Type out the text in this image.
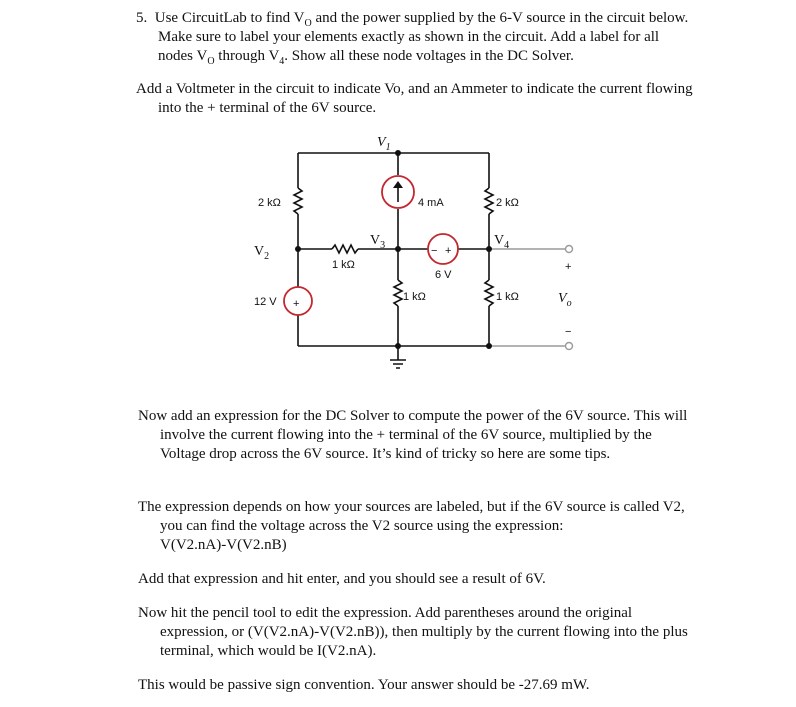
5. Use CircuitLab to find $V_O$ and the power supplied by the 6-V source in the circuit below. Make sure to label your elements exactly as shown in the circuit. Add a label for all nodes $V_O$ through $V_4$. Show all these node voltages in the DC Solver.

Add a Voltmeter in the circuit to indicate Vo, and an Ammeter to indicate the current flowing into the + terminal of the 6V source.

$V_1$
$V_2$
$V_3$	$V_4$
2 kΩ	4 mA	2 kΩ
1 kΩ
6 V
12 V	1 kΩ	1 kΩ
− +
+
+
$V_o$
−

Now add an expression for the DC Solver to compute the power of the 6V source. This will involve the current flowing into the + terminal of the 6V source, multiplied by the Voltage drop across the 6V source. It’s kind of tricky so here are some tips.

The expression depends on how your sources are labeled, but if the 6V source is called V2, you can find the voltage across the V2 source using the expression:
V(V2.nA)-V(V2.nB)

Add that expression and hit enter, and you should see a result of 6V.

Now hit the pencil tool to edit the expression. Add parentheses around the original expression, or (V(V2.nA)-V(V2.nB)), then multiply by the current flowing into the plus terminal, which would be I(V2.nA).

This would be passive sign convention. Your answer should be -27.69 mW.
